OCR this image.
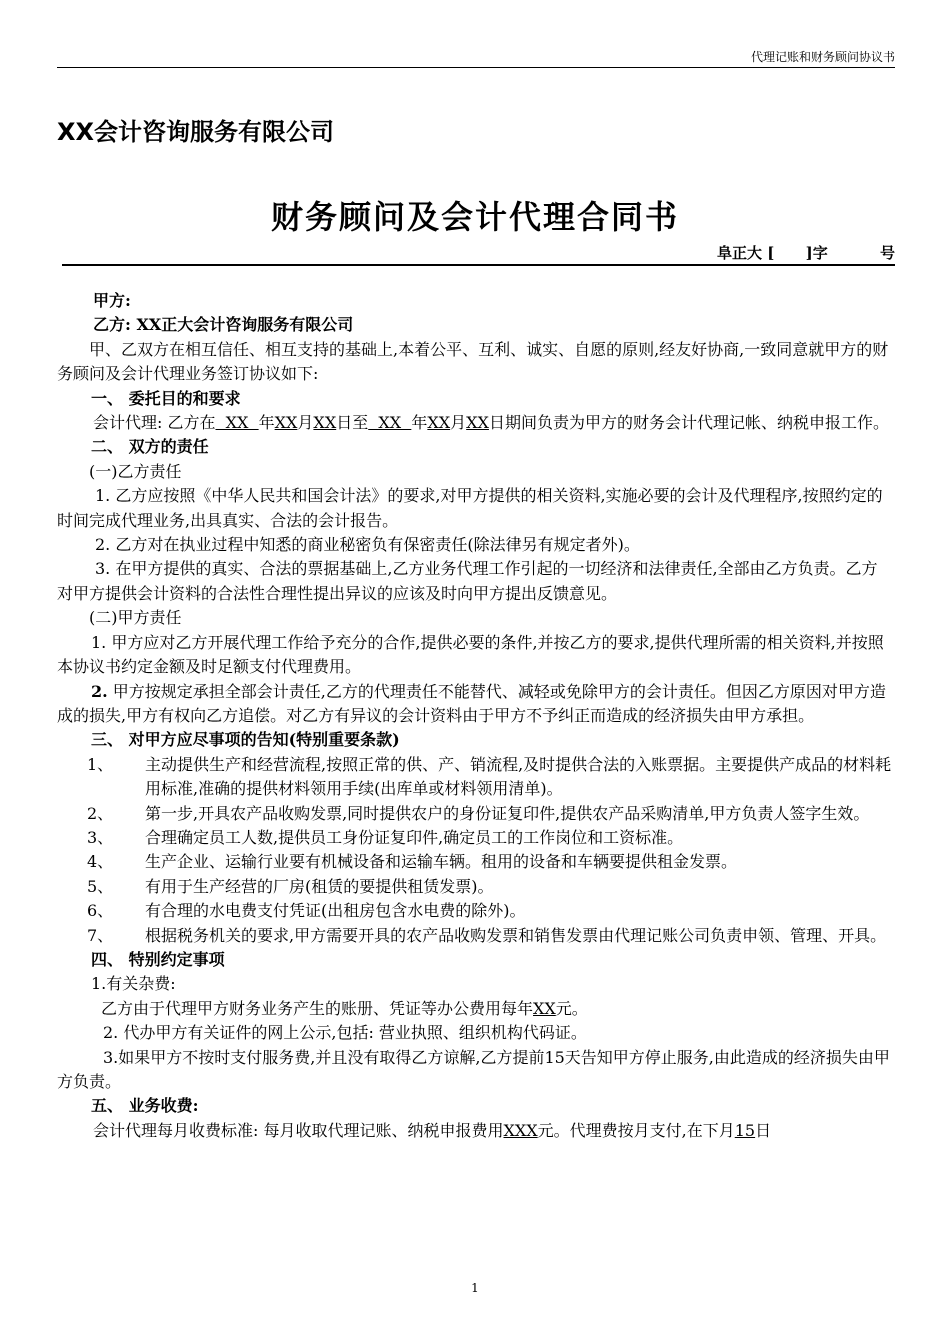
代理记账和财务顾问协议书
XX会计咨询服务有限公司
财务顾问及会计代理合同书
阜正大 [      ]字          号

甲方:

乙方: XX正大会计咨询服务有限公司

甲、乙双方在相互信任、相互支持的基础上,本着公平、互利、诚实、自愿的原则,经友好协商,一致同意就甲方的财务顾问及会计代理业务签订协议如下:

一、 委托目的和要求

会计代理: 乙方在  XX  年XX月XX日至  XX  年XX月XX日期间负责为甲方的财务会计代理记帐、纳税申报工作。

二、 双方的责任

(一)乙方责任

1. 乙方应按照《中华人民共和国会计法》的要求,对甲方提供的相关资料,实施必要的会计及代理程序,按照约定的时间完成代理业务,出具真实、合法的会计报告。

2. 乙方对在执业过程中知悉的商业秘密负有保密责任(除法律另有规定者外)。

3. 在甲方提供的真实、合法的票据基础上,乙方业务代理工作引起的一切经济和法律责任,全部由乙方负责。乙方对甲方提供会计资料的合法性合理性提出异议的应该及时向甲方提出反馈意见。

(二)甲方责任

1. 甲方应对乙方开展代理工作给予充分的合作,提供必要的条件,并按乙方的要求,提供代理所需的相关资料,并按照本协议书约定金额及时足额支付代理费用。

2. 甲方按规定承担全部会计责任,乙方的代理责任不能替代、减轻或免除甲方的会计责任。但因乙方原因对甲方造成的损失,甲方有权向乙方追偿。对乙方有异议的会计资料由于甲方不予纠正而造成的经济损失由甲方承担。

三、 对甲方应尽事项的告知(特别重要条款)

1、	主动提供生产和经营流程,按照正常的供、产、销流程,及时提供合法的入账票据。主要提供产成品的材料耗用标准,准确的提供材料领用手续(出库单或材料领用清单)。
2、	第一步,开具农产品收购发票,同时提供农户的身份证复印件,提供农产品采购清单,甲方负责人签字生效。
3、	合理确定员工人数,提供员工身份证复印件,确定员工的工作岗位和工资标准。
4、	生产企业、运输行业要有机械设备和运输车辆。租用的设备和车辆要提供租金发票。
5、	有用于生产经营的厂房(租赁的要提供租赁发票)。
6、	有合理的水电费支付凭证(出租房包含水电费的除外)。
7、	根据税务机关的要求,甲方需要开具的农产品收购发票和销售发票由代理记账公司负责申领、管理、开具。

四、 特别约定事项

1.有关杂费:

乙方由于代理甲方财务业务产生的账册、凭证等办公费用每年XX元。

2. 代办甲方有关证件的网上公示,包括: 营业执照、组织机构代码证。

3.如果甲方不按时支付服务费,并且没有取得乙方谅解,乙方提前15天告知甲方停止服务,由此造成的经济损失由甲方负责。

五、 业务收费:

会计代理每月收费标准: 每月收取代理记账、纳税申报费用XXX元。代理费按月支付,在下月15日

1
